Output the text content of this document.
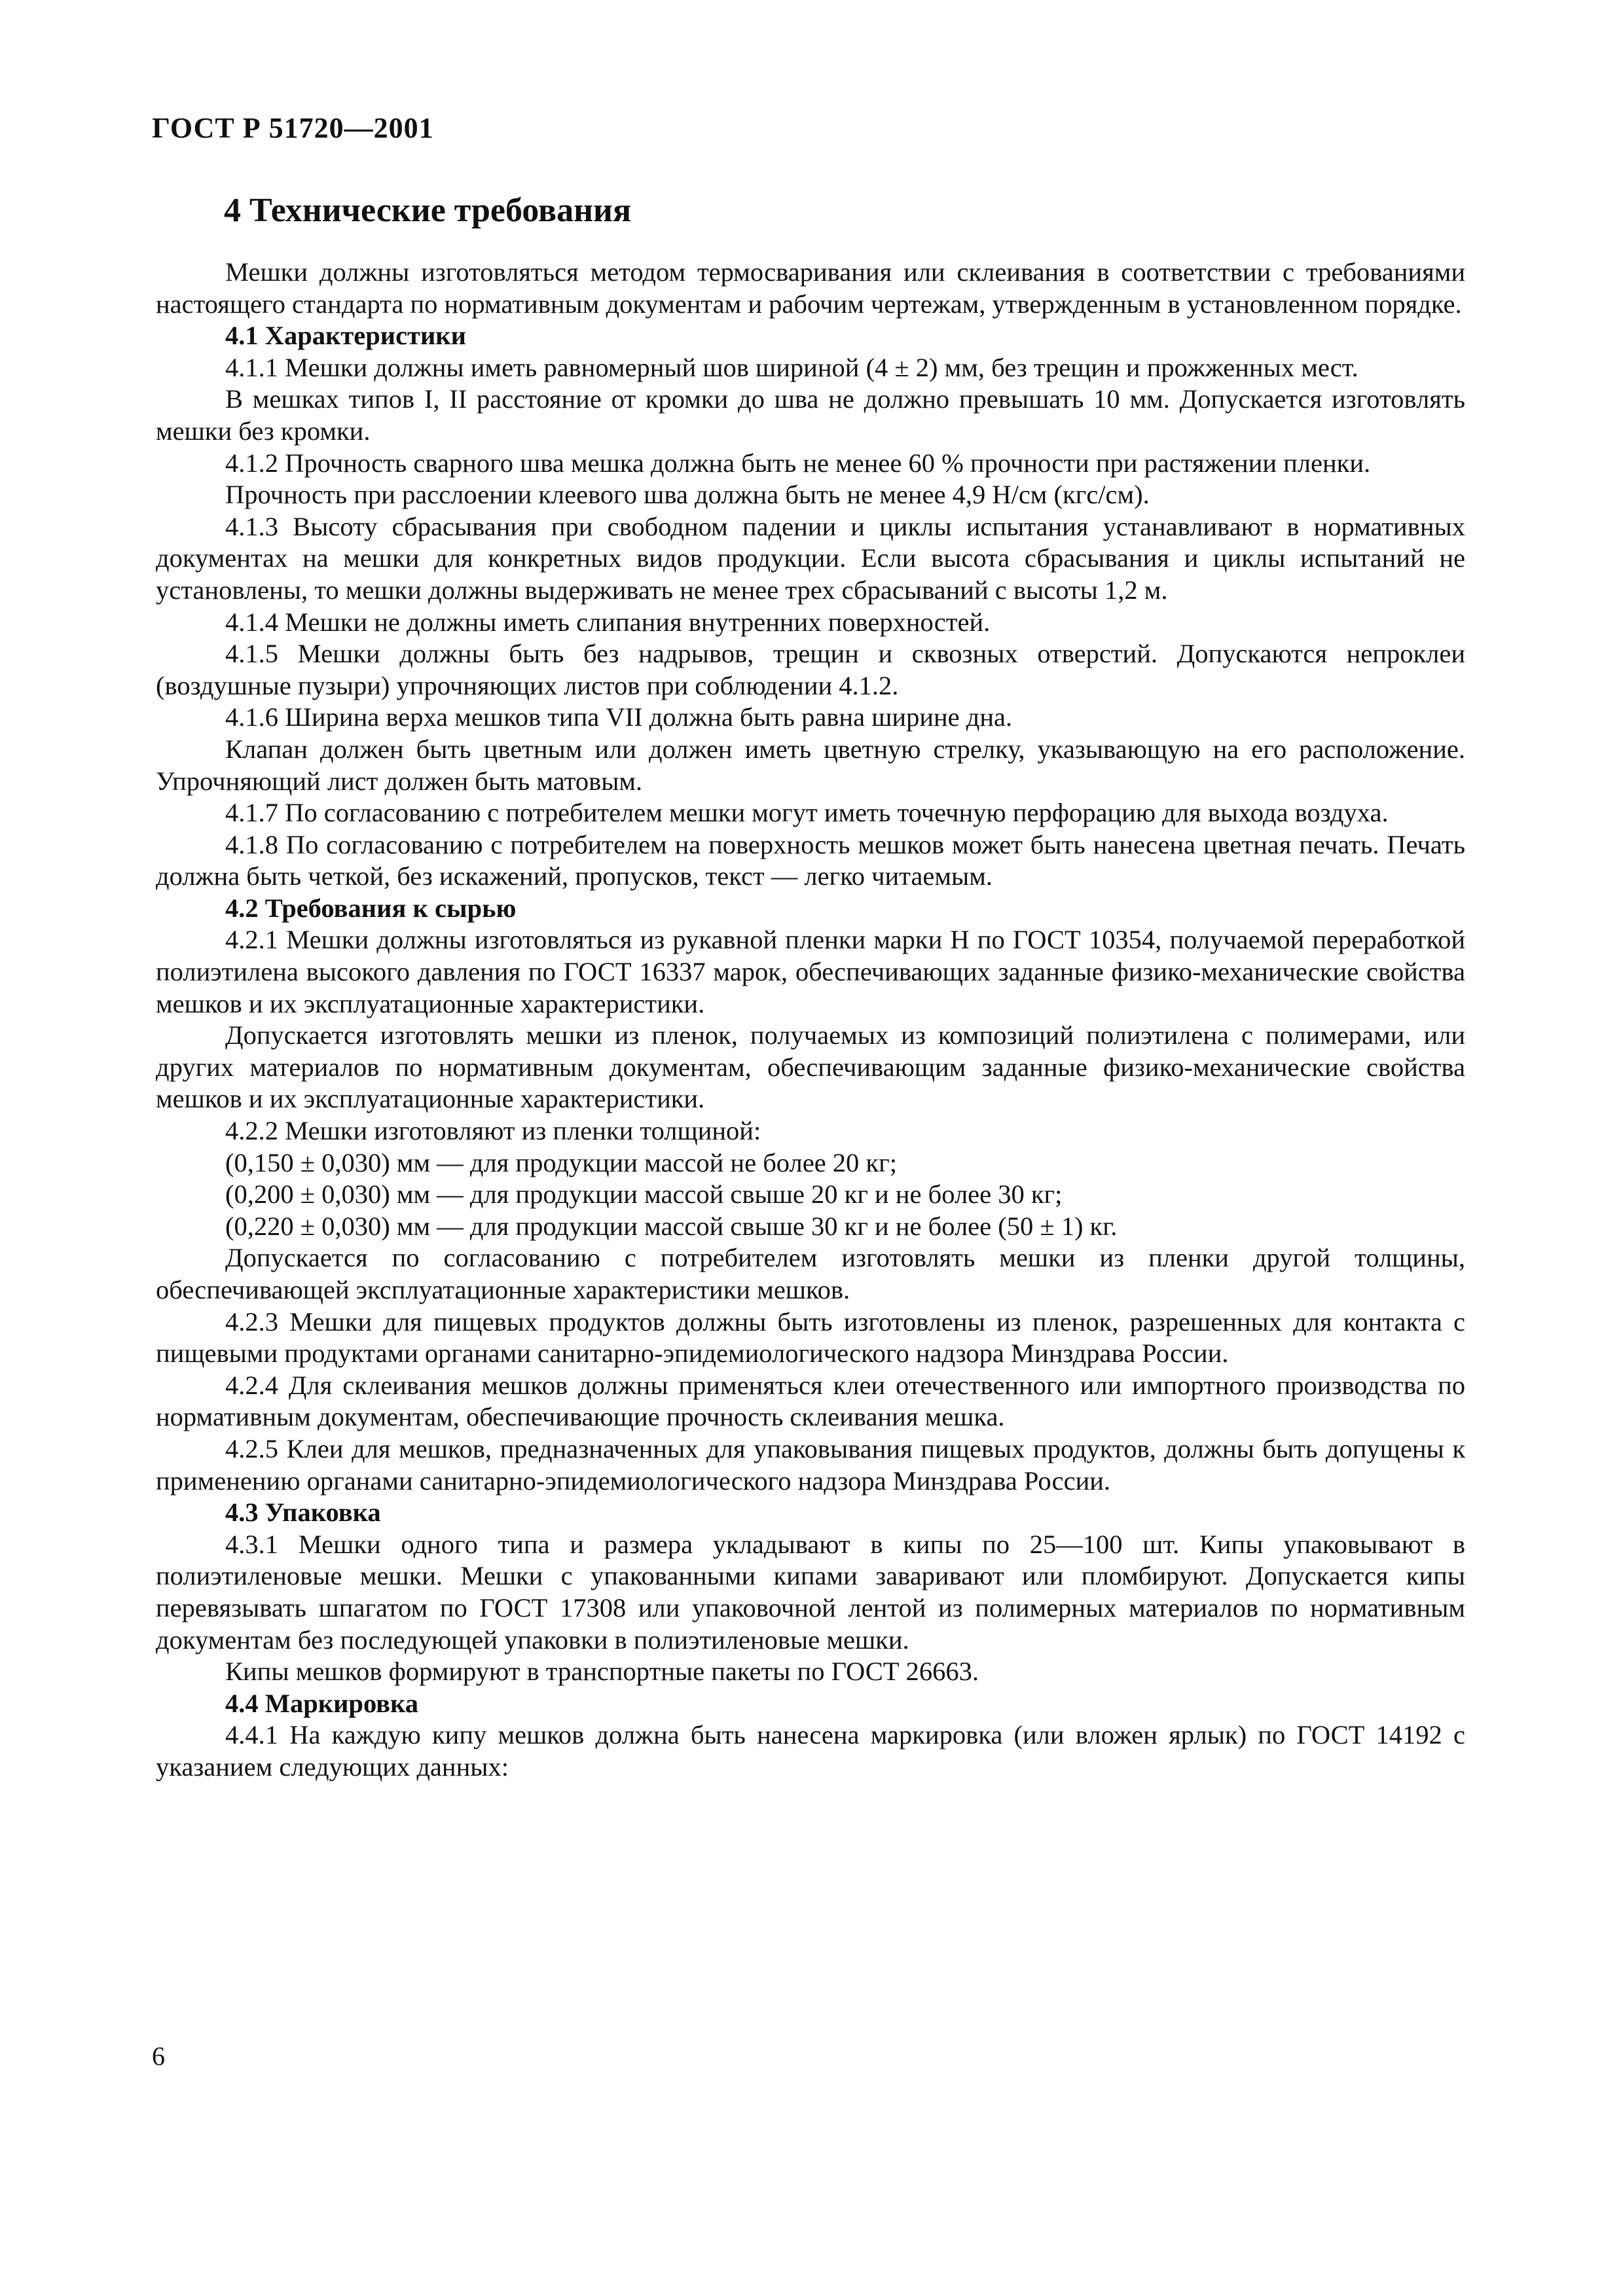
ГОСТ Р 51720—2001
4 Технические требования

Мешки должны изготовляться методом термосваривания или склеивания в соответствии с требованиями настоящего стандарта по нормативным документам и рабочим чертежам, утвержденным в установленном порядке.

4.1 Характеристики

4.1.1 Мешки должны иметь равномерный шов шириной (4 ± 2) мм, без трещин и прожженных мест.

В мешках типов I, II расстояние от кромки до шва не должно превышать 10 мм. Допускается изготовлять мешки без кромки.

4.1.2 Прочность сварного шва мешка должна быть не менее 60 % прочности при растяжении пленки.

Прочность при расслоении клеевого шва должна быть не менее 4,9 Н/см (кгс/см).

4.1.3 Высоту сбрасывания при свободном падении и циклы испытания устанавливают в нормативных документах на мешки для конкретных видов продукции. Если высота сбрасывания и циклы испытаний не установлены, то мешки должны выдерживать не менее трех сбрасываний с высоты 1,2 м.

4.1.4 Мешки не должны иметь слипания внутренних поверхностей.

4.1.5 Мешки должны быть без надрывов, трещин и сквозных отверстий. Допускаются непроклеи (воздушные пузыри) упрочняющих листов при соблюдении 4.1.2.

4.1.6 Ширина верха мешков типа VII должна быть равна ширине дна.

Клапан должен быть цветным или должен иметь цветную стрелку, указывающую на его расположение. Упрочняющий лист должен быть матовым.

4.1.7 По согласованию с потребителем мешки могут иметь точечную перфорацию для выхода воздуха.

4.1.8 По согласованию с потребителем на поверхность мешков может быть нанесена цветная печать. Печать должна быть четкой, без искажений, пропусков, текст — легко читаемым.

4.2 Требования к сырью

4.2.1 Мешки должны изготовляться из рукавной пленки марки Н по ГОСТ 10354, получаемой переработкой полиэтилена высокого давления по ГОСТ 16337 марок, обеспечивающих заданные физико-механические свойства мешков и их эксплуатационные характеристики.

Допускается изготовлять мешки из пленок, получаемых из композиций полиэтилена с полимерами, или других материалов по нормативным документам, обеспечивающим заданные физико-механические свойства мешков и их эксплуатационные характеристики.

4.2.2 Мешки изготовляют из пленки толщиной:

(0,150 ± 0,030) мм — для продукции массой не более 20 кг;

(0,200 ± 0,030) мм — для продукции массой свыше 20 кг и не более 30 кг;

(0,220 ± 0,030) мм — для продукции массой свыше 30 кг и не более (50 ± 1) кг.

Допускается по согласованию с потребителем изготовлять мешки из пленки другой толщины, обеспечивающей эксплуатационные характеристики мешков.

4.2.3 Мешки для пищевых продуктов должны быть изготовлены из пленок, разрешенных для контакта с пищевыми продуктами органами санитарно-эпидемиологического надзора Минздрава России.

4.2.4 Для склеивания мешков должны применяться клеи отечественного или импортного производства по нормативным документам, обеспечивающие прочность склеивания мешка.

4.2.5 Клеи для мешков, предназначенных для упаковывания пищевых продуктов, должны быть допущены к применению органами санитарно-эпидемиологического надзора Минздрава России.

4.3 Упаковка

4.3.1 Мешки одного типа и размера укладывают в кипы по 25—100 шт. Кипы упаковывают в полиэтиленовые мешки. Мешки с упакованными кипами заваривают или пломбируют. Допускается кипы перевязывать шпагатом по ГОСТ 17308 или упаковочной лентой из полимерных материалов по нормативным документам без последующей упаковки в полиэтиленовые мешки.

Кипы мешков формируют в транспортные пакеты по ГОСТ 26663.

4.4 Маркировка

4.4.1 На каждую кипу мешков должна быть нанесена маркировка (или вложен ярлык) по ГОСТ 14192 с указанием следующих данных:

6
